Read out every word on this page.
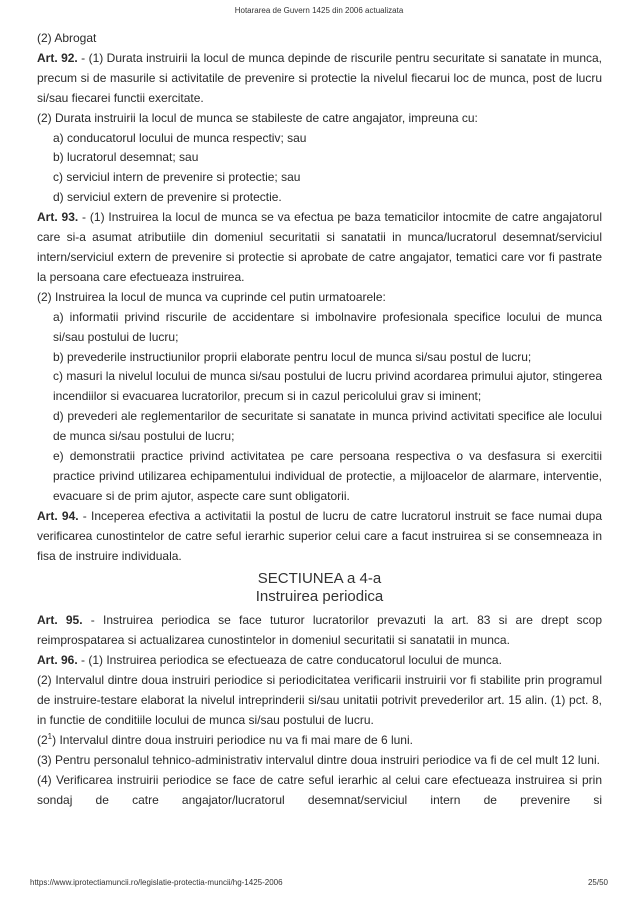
Hotararea de Guvern 1425 din 2006 actualizata

(2) Abrogat

Art. 92. - (1) Durata instruirii la locul de munca depinde de riscurile pentru securitate si sanatate in munca, precum si de masurile si activitatile de prevenire si protectie la nivelul fiecarui loc de munca, post de lucru si/sau fiecarei functii exercitate.

(2) Durata instruirii la locul de munca se stabileste de catre angajator, impreuna cu:

a) conducatorul locului de munca respectiv; sau

b) lucratorul desemnat; sau

c) serviciul intern de prevenire si protectie; sau

d) serviciul extern de prevenire si protectie.

Art. 93. - (1) Instruirea la locul de munca se va efectua pe baza tematicilor intocmite de catre angajatorul care si-a asumat atributiile din domeniul securitatii si sanatatii in munca/lucratorul desemnat/serviciul intern/serviciul extern de prevenire si protectie si aprobate de catre angajator, tematici care vor fi pastrate la persoana care efectueaza instruirea.

(2) Instruirea la locul de munca va cuprinde cel putin urmatoarele:

a) informatii privind riscurile de accidentare si imbolnavire profesionala specifice locului de munca si/sau postului de lucru;

b) prevederile instructiunilor proprii elaborate pentru locul de munca si/sau postul de lucru;

c) masuri la nivelul locului de munca si/sau postului de lucru privind acordarea primului ajutor, stingerea incendiilor si evacuarea lucratorilor, precum si in cazul pericolului grav si iminent;

d) prevederi ale reglementarilor de securitate si sanatate in munca privind activitati specifice ale locului de munca si/sau postului de lucru;

e) demonstratii practice privind activitatea pe care persoana respectiva o va desfasura si exercitii practice privind utilizarea echipamentului individual de protectie, a mijloacelor de alarmare, interventie, evacuare si de prim ajutor, aspecte care sunt obligatorii.

Art. 94. - Inceperea efectiva a activitatii la postul de lucru de catre lucratorul instruit se face numai dupa verificarea cunostintelor de catre seful ierarhic superior celui care a facut instruirea si se consemneaza in fisa de instruire individuala.

SECTIUNEA a 4-a
Instruirea periodica

Art. 95. - Instruirea periodica se face tuturor lucratorilor prevazuti la art. 83 si are drept scop reimprospatarea si actualizarea cunostintelor in domeniul securitatii si sanatatii in munca.

Art. 96. - (1) Instruirea periodica se efectueaza de catre conducatorul locului de munca.

(2) Intervalul dintre doua instruiri periodice si periodicitatea verificarii instruirii vor fi stabilite prin programul de instruire-testare elaborat la nivelul intreprinderii si/sau unitatii potrivit prevederilor art. 15 alin. (1) pct. 8, in functie de conditiile locului de munca si/sau postului de lucru.

$(2^1)$ Intervalul dintre doua instruiri periodice nu va fi mai mare de 6 luni.

(3) Pentru personalul tehnico-administrativ intervalul dintre doua instruiri periodice va fi de cel mult 12 luni.

(4) Verificarea instruirii periodice se face de catre seful ierarhic al celui care efectueaza instruirea si prin sondaj de catre angajator/lucratorul desemnat/serviciul intern de prevenire si

https://www.iprotectiamuncii.ro/legislatie-protectia-muncii/hg-1425-2006	25/50
